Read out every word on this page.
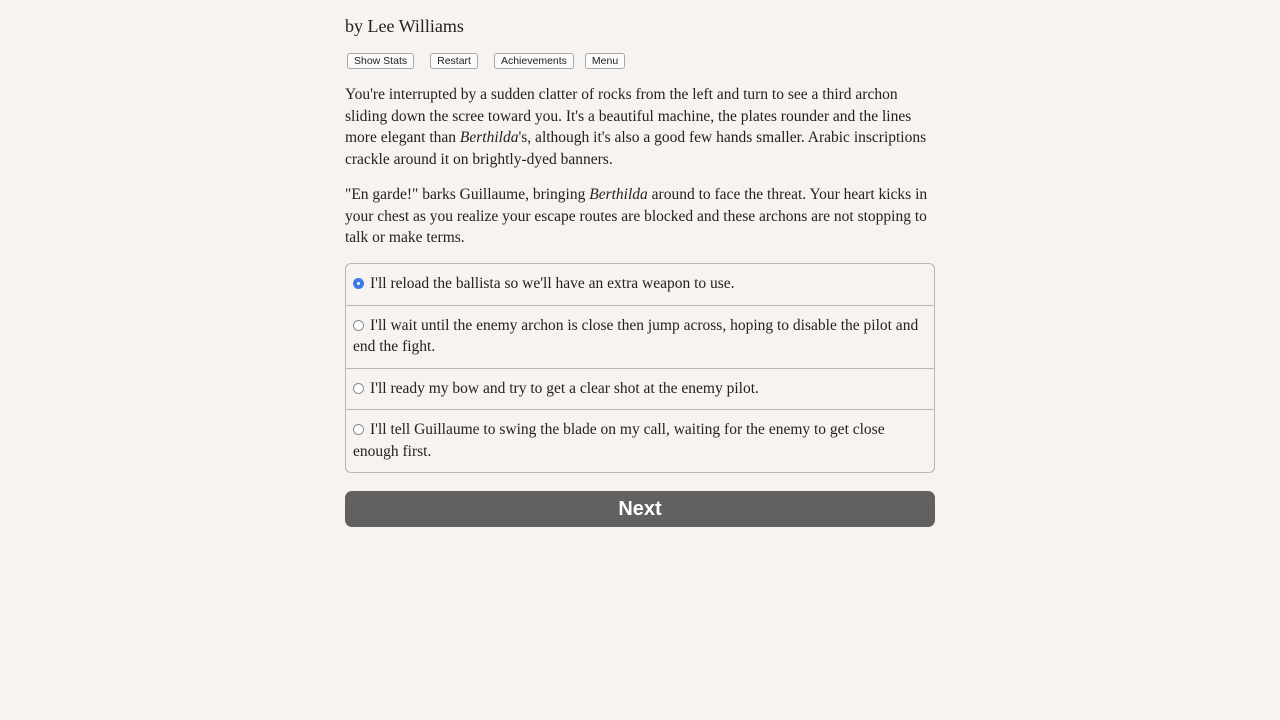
by Lee Williams
Show Stats	Restart	Achievements	Menu

You're interrupted by a sudden clatter of rocks from the left and turn to see a third archon sliding down the scree toward you. It's a beautiful machine, the plates rounder and the lines more elegant than Berthilda's, although it's also a good few hands smaller. Arabic inscriptions crackle around it on brightly-dyed banners.

"En garde!" barks Guillaume, bringing Berthilda around to face the threat. Your heart kicks in your chest as you realize your escape routes are blocked and these archons are not stopping to talk or make terms.

I'll reload the ballista so we'll have an extra weapon to use.
I'll wait until the enemy archon is close then jump across, hoping to disable the pilot and end the fight.
I'll ready my bow and try to get a clear shot at the enemy pilot.
I'll tell Guillaume to swing the blade on my call, waiting for the enemy to get close enough first.
Next
